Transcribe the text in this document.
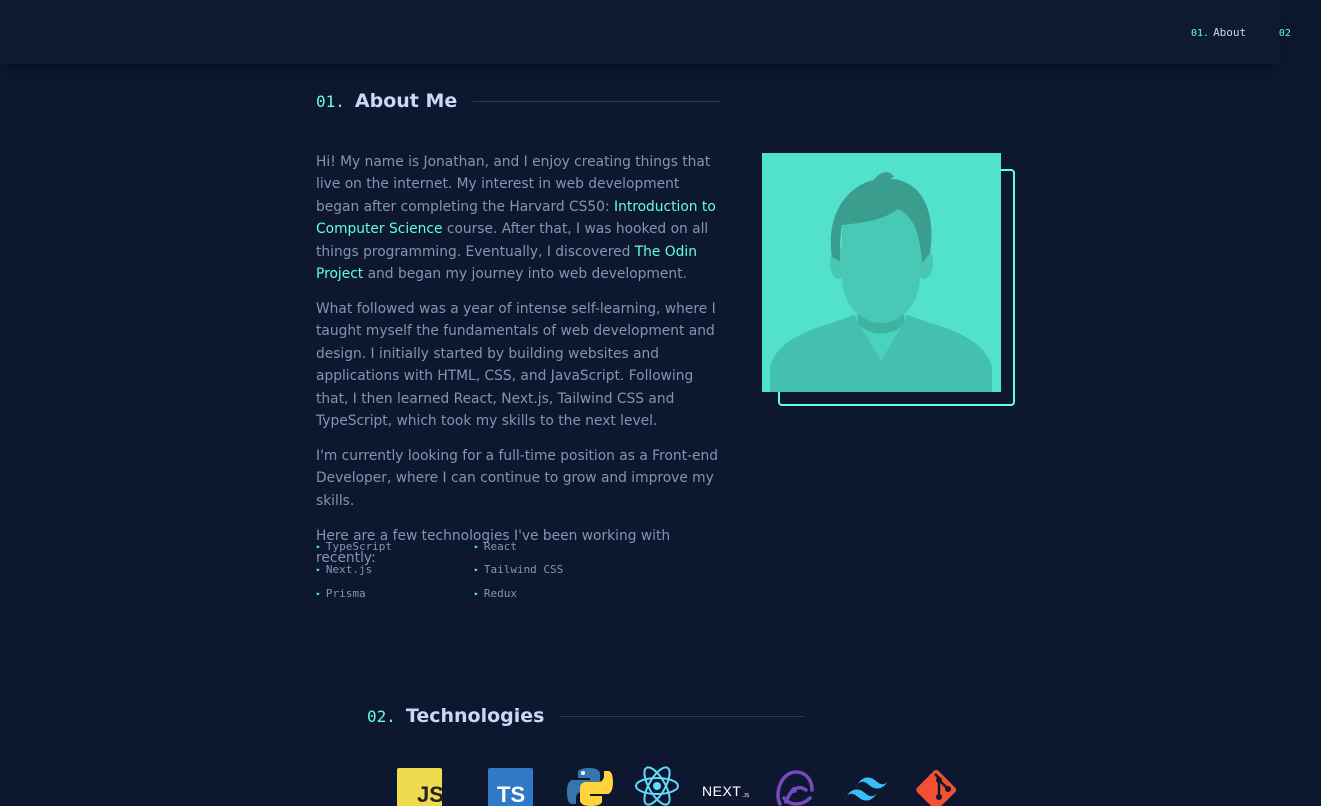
01. About	02
01. About Me

Hi! My name is Jonathan, and I enjoy creating things that live on the internet. My interest in web development began after completing the Harvard CS50: Introduction to Computer Science course. After that, I was hooked on all things programming. Eventually, I discovered The Odin Project and began my journey into web development.

What followed was a year of intense self-learning, where I taught myself the fundamentals of web development and design. I initially started by building websites and applications with HTML, CSS, and JavaScript. Following that, I then learned React, Next.js, Tailwind CSS and TypeScript, which took my skills to the next level.

I'm currently looking for a full-time position as a Front-end Developer, where I can continue to grow and improve my skills.

Here are a few technologies I've been working with recently:

▸ TypeScript	▸ React
▸ Next.js	▸ Tailwind CSS
▸ Prisma	▸ Redux
02. Technologies
JS TS	NEXT .JS
